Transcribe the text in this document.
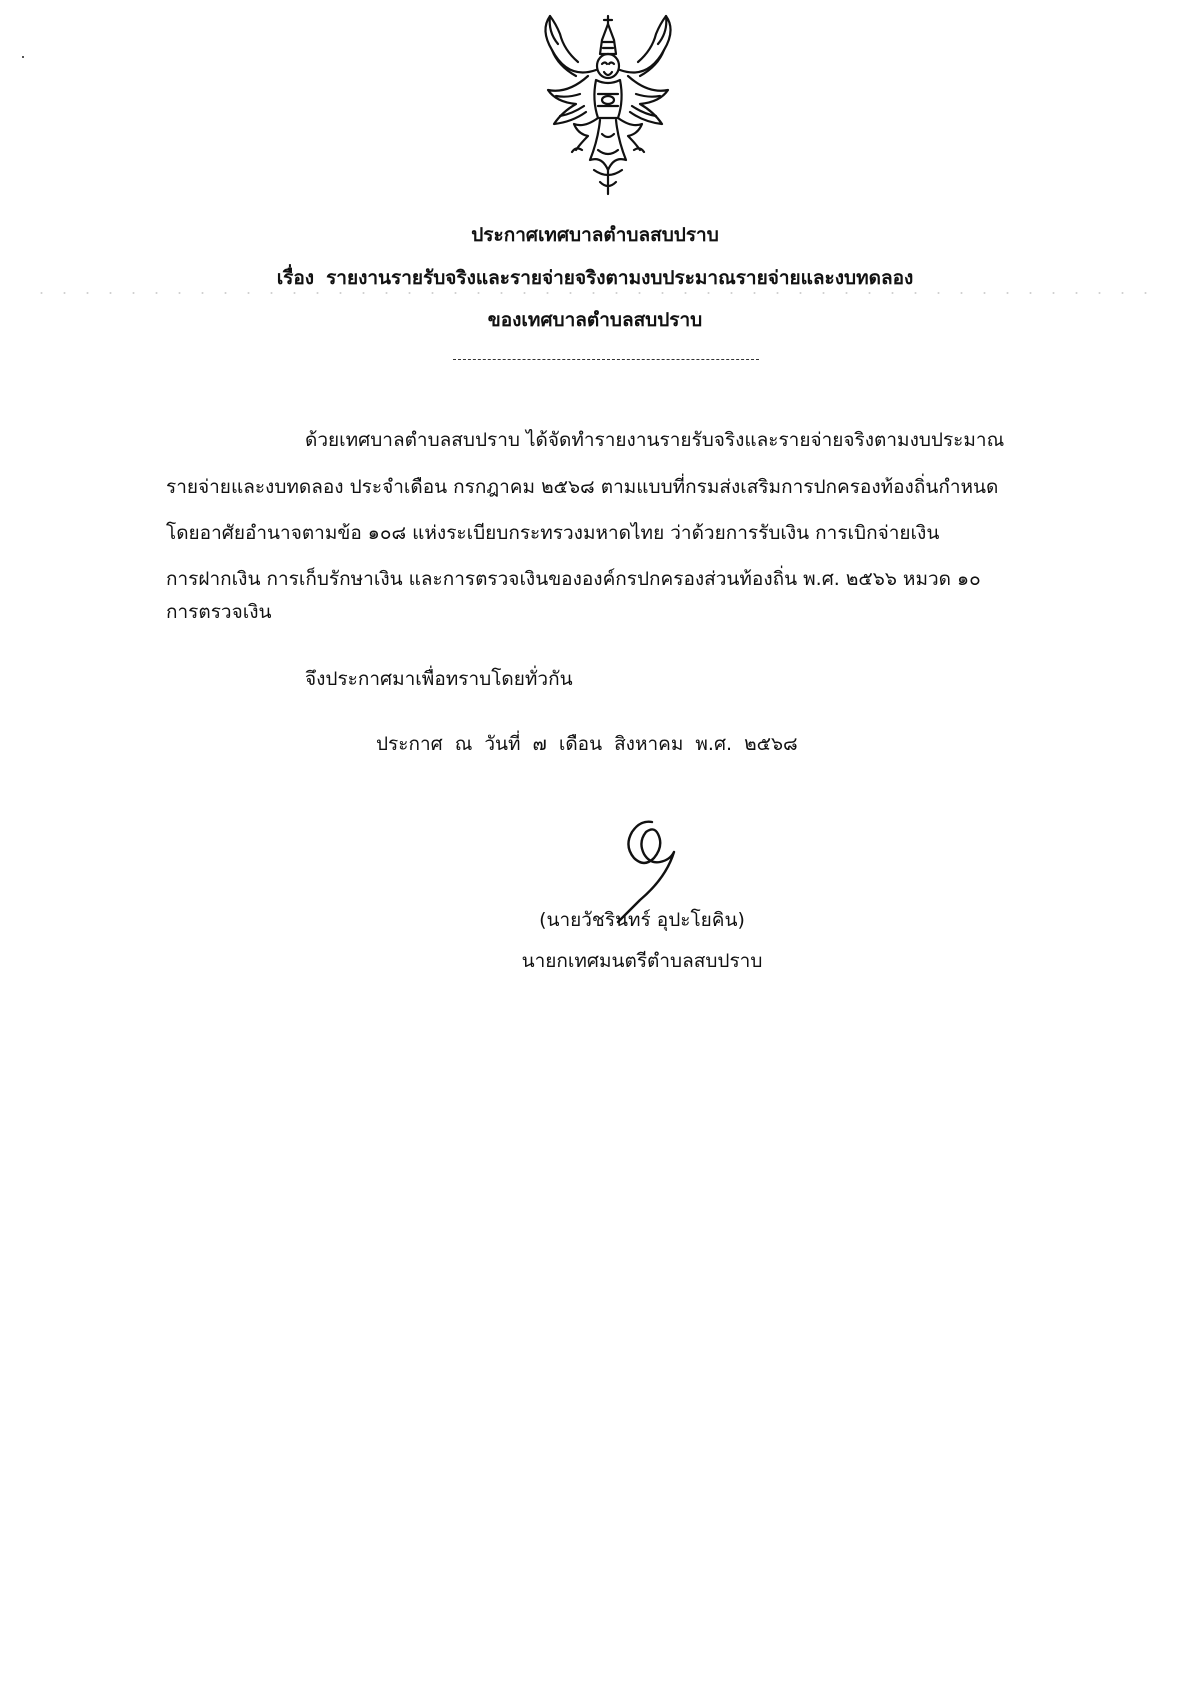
ประกาศเทศบาลตำบลสบปราบ
เรื่อง รายงานรายรับจริงและรายจ่ายจริงตามงบประมาณรายจ่ายและงบทดลอง
ของเทศบาลตำบลสบปราบ
ด้วยเทศบาลตำบลสบปราบ ได้จัดทำรายงานรายรับจริงและรายจ่ายจริงตามงบประมาณ
รายจ่ายและงบทดลอง ประจำเดือน กรกฎาคม ๒๕๖๘ ตามแบบที่กรมส่งเสริมการปกครองท้องถิ่นกำหนด
โดยอาศัยอำนาจตามข้อ ๑๐๘ แห่งระเบียบกระทรวงมหาดไทย ว่าด้วยการรับเงิน การเบิกจ่ายเงิน
การฝากเงิน การเก็บรักษาเงิน และการตรวจเงินขององค์กรปกครองส่วนท้องถิ่น พ.ศ. ๒๕๖๖ หมวด ๑๐
การตรวจเงิน
จึงประกาศมาเพื่อทราบโดยทั่วกัน
ประกาศ ณ วันที่ ๗ เดือน สิงหาคม พ.ศ. ๒๕๖๘
(นายวัชรินทร์ อุปะโยคิน)
นายกเทศมนตรีตำบลสบปราบ
